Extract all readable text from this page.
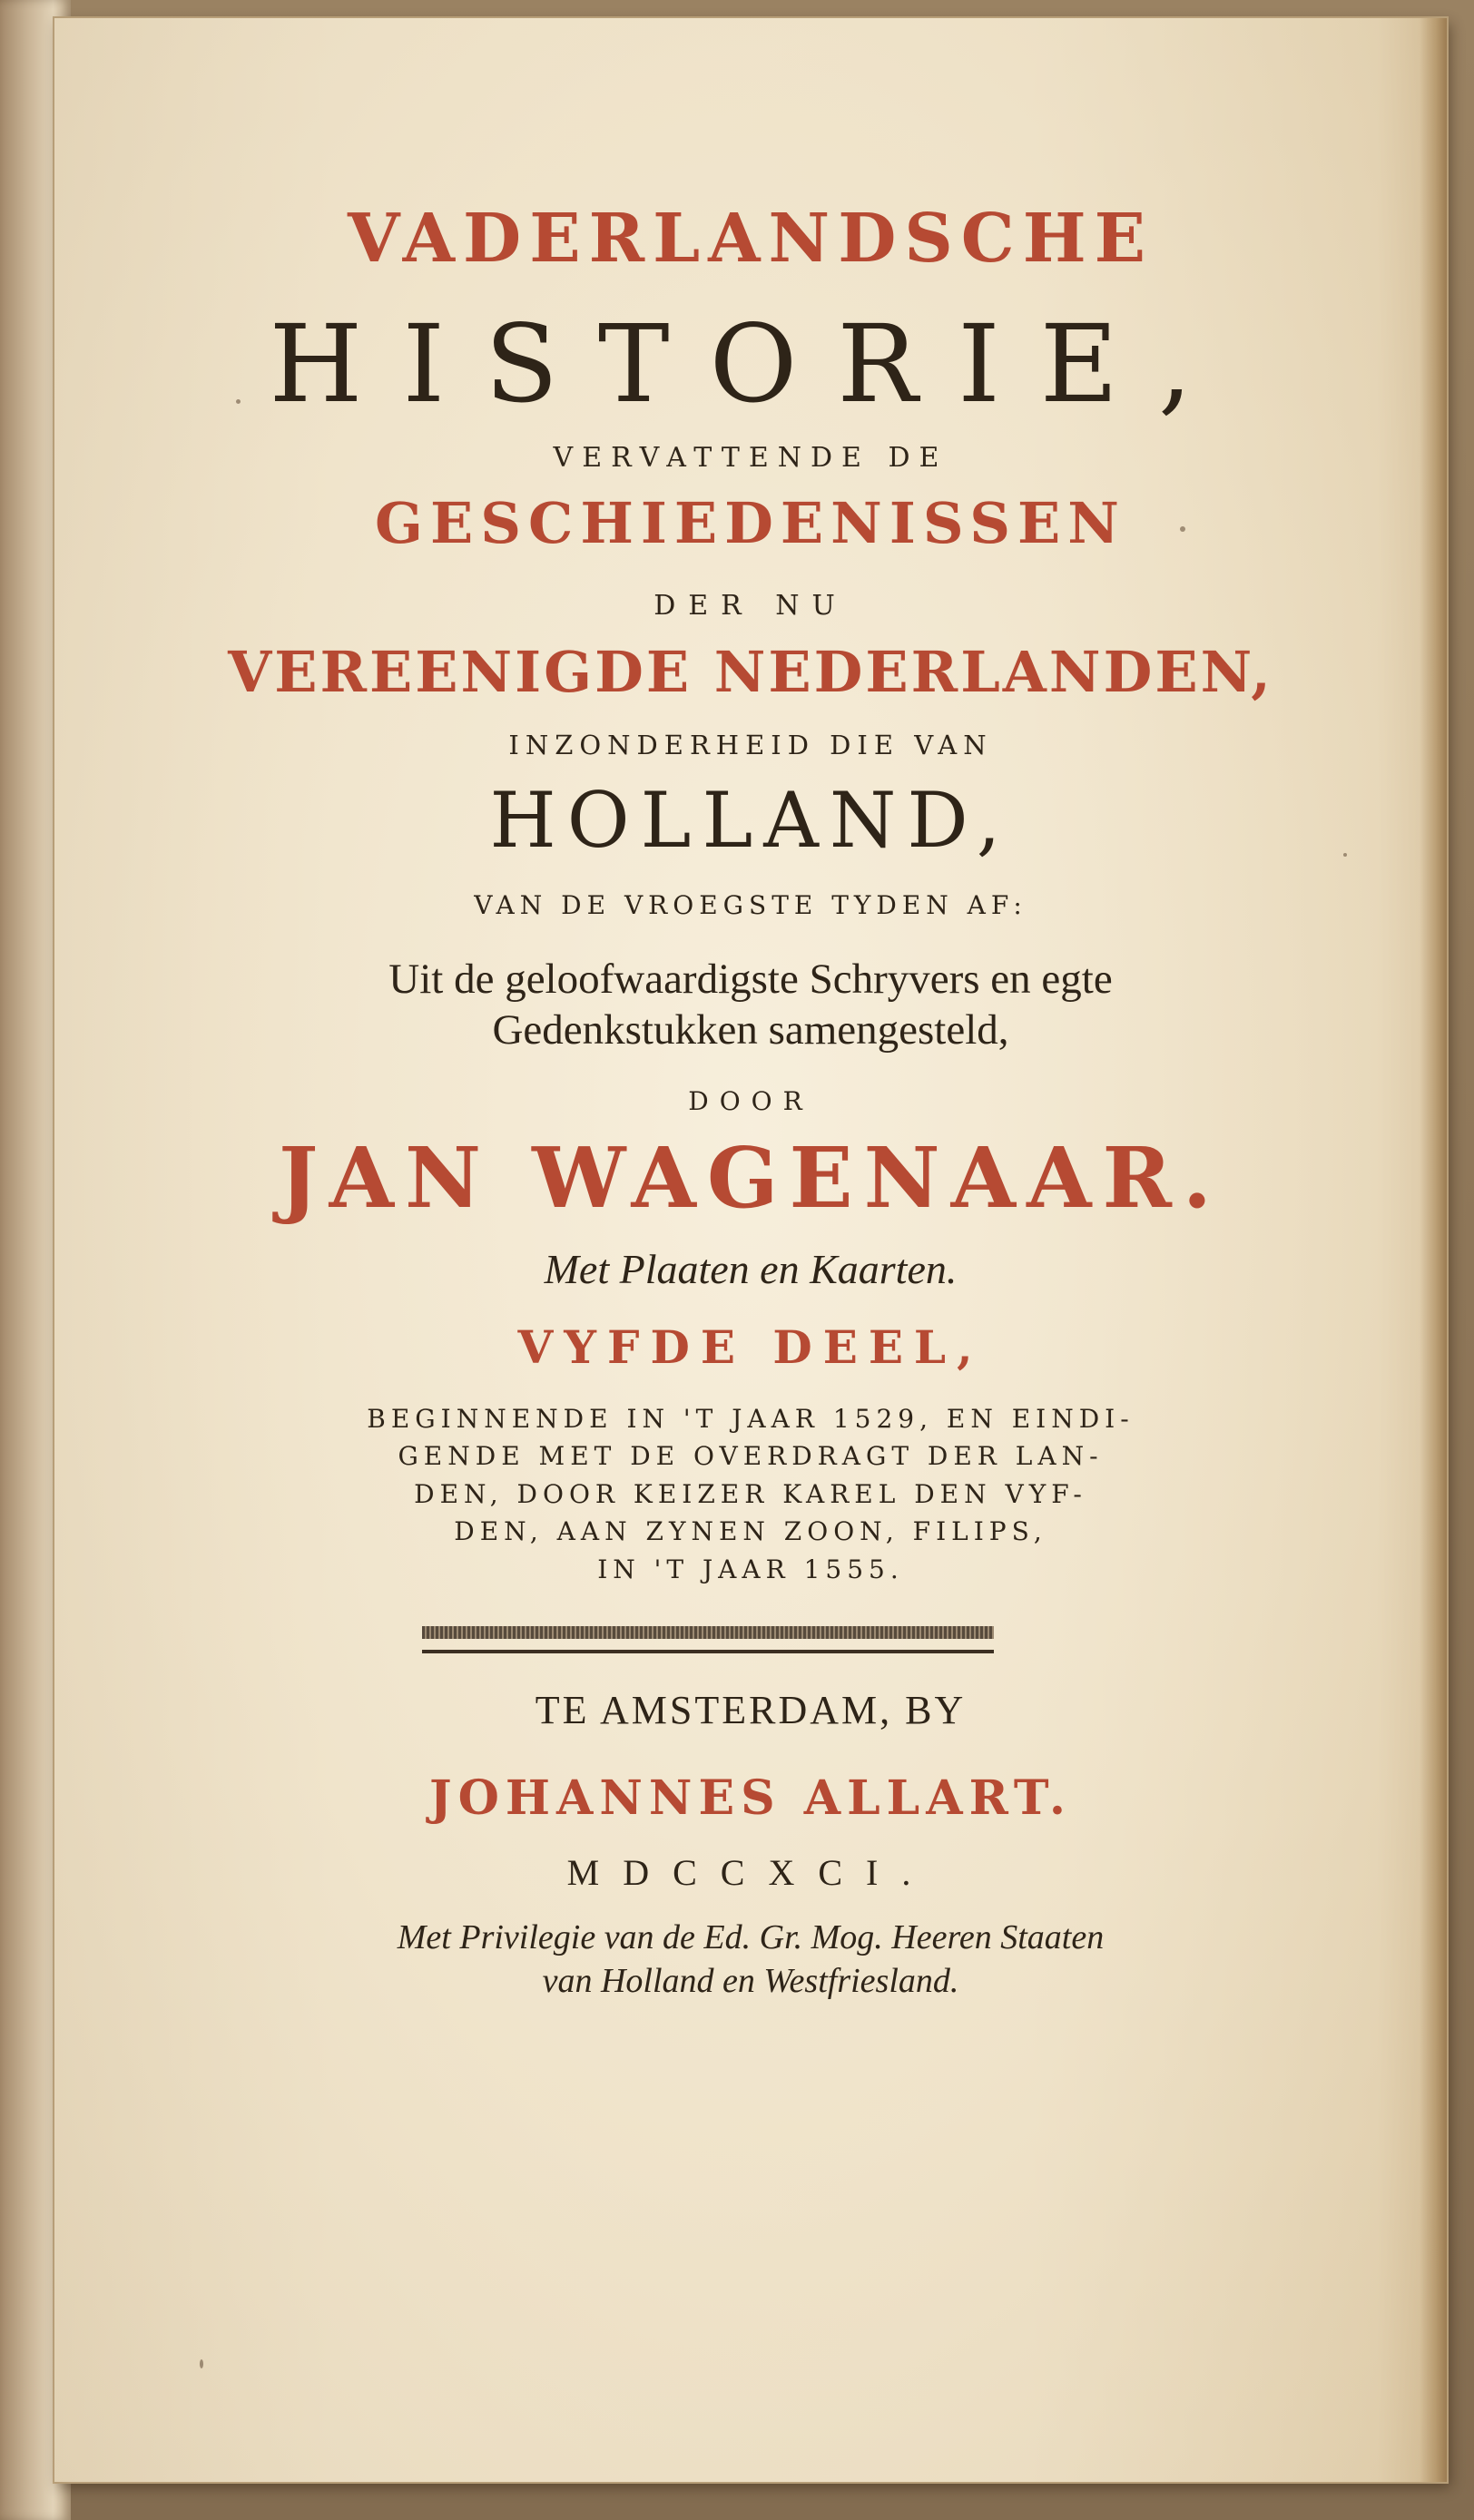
VADERLANDSCHE
HISTORIE,
VERVATTENDE DE
GESCHIEDENISSEN
DER NU
VEREENIGDE NEDERLANDEN,
INZONDERHEID DIE VAN
HOLLAND,
VAN DE VROEGSTE TYDEN AF:
Uit de geloofwaardigste Schryvers en egte
Gedenkstukken samengesteld,
DOOR
JAN WAGENAAR.
Met Plaaten en Kaarten.
VYFDE DEEL,
BEGINNENDE IN 'T JAAR 1529, EN EINDI-
GENDE MET DE OVERDRAGT DER LAN-
DEN, DOOR KEIZER KAREL DEN VYF-
DEN, AAN ZYNEN ZOON, FILIPS,
IN 'T JAAR 1555.
TE AMSTERDAM, BY
JOHANNES ALLART.
MDCCXCI.
Met Privilegie van de Ed. Gr. Mog. Heeren Staaten
van Holland en Westfriesland.
